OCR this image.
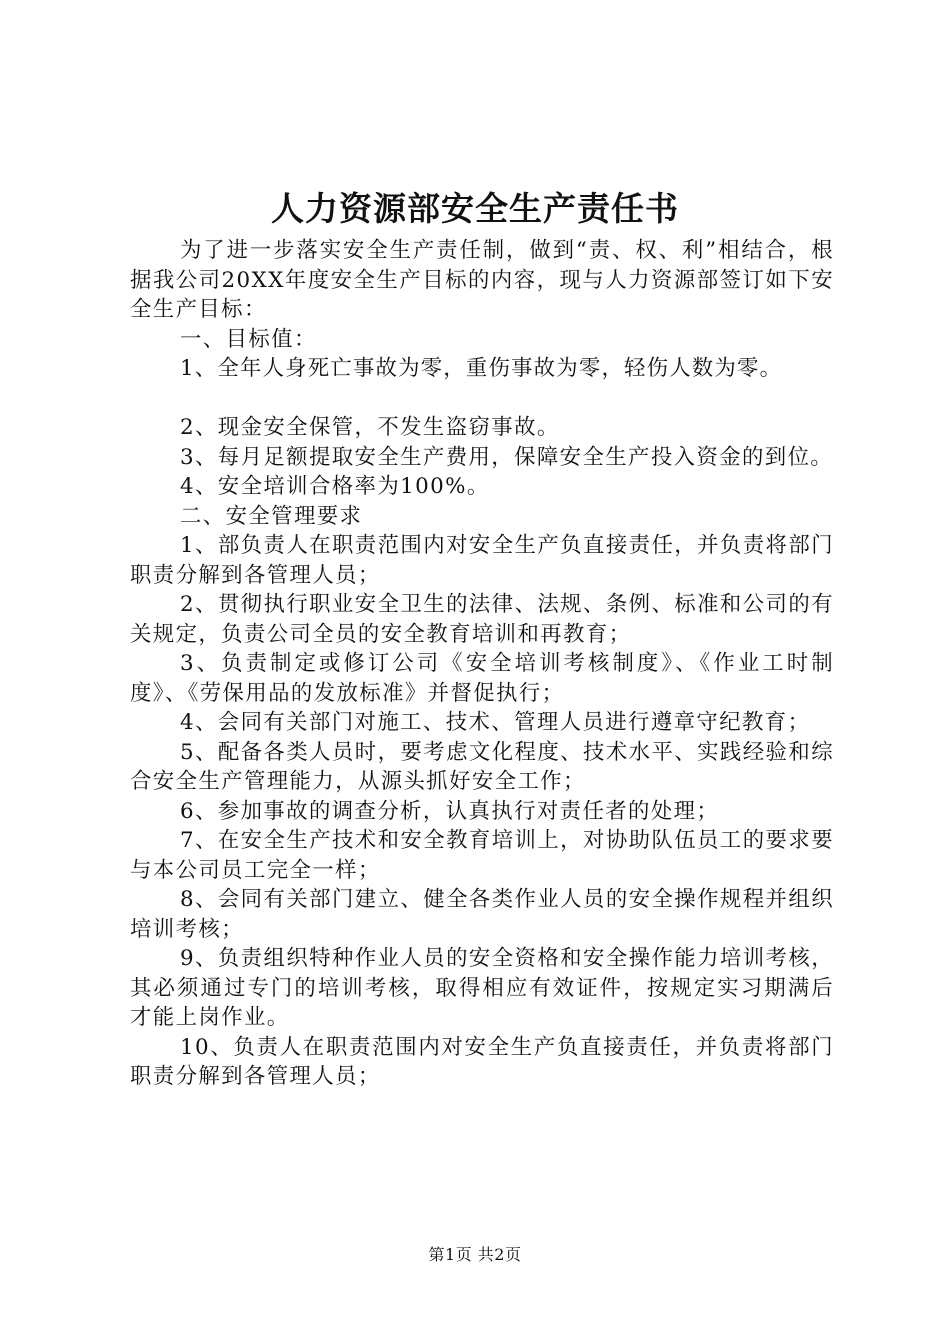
人力资源部安全生产责任书

为了进一步落实安全生产责任制，做到“责、权、利”相结合，根据我公司20XX年度安全生产目标的内容，现与人力资源部签订如下安全生产目标：

一、目标值：

1、全年人身死亡事故为零，重伤事故为零，轻伤人数为零。

2、现金安全保管，不发生盗窃事故。

3、每月足额提取安全生产费用，保障安全生产投入资金的到位。

4、安全培训合格率为100%。

二、安全管理要求

1、部负责人在职责范围内对安全生产负直接责任，并负责将部门职责分解到各管理人员；

2、贯彻执行职业安全卫生的法律、法规、条例、标准和公司的有关规定，负责公司全员的安全教育培训和再教育；

3、负责制定或修订公司《安全培训考核制度》、《作业工时制度》、《劳保用品的发放标准》并督促执行；

4、会同有关部门对施工、技术、管理人员进行遵章守纪教育；

5、配备各类人员时，要考虑文化程度、技术水平、实践经验和综合安全生产管理能力，从源头抓好安全工作；

6、参加事故的调查分析，认真执行对责任者的处理；

7、在安全生产技术和安全教育培训上，对协助队伍员工的要求要与本公司员工完全一样；

8、会同有关部门建立、健全各类作业人员的安全操作规程并组织培训考核；

9、负责组织特种作业人员的安全资格和安全操作能力培训考核，其必须通过专门的培训考核，取得相应有效证件，按规定实习期满后才能上岗作业。

10、负责人在职责范围内对安全生产负直接责任，并负责将部门职责分解到各管理人员；

第1页 共2页
